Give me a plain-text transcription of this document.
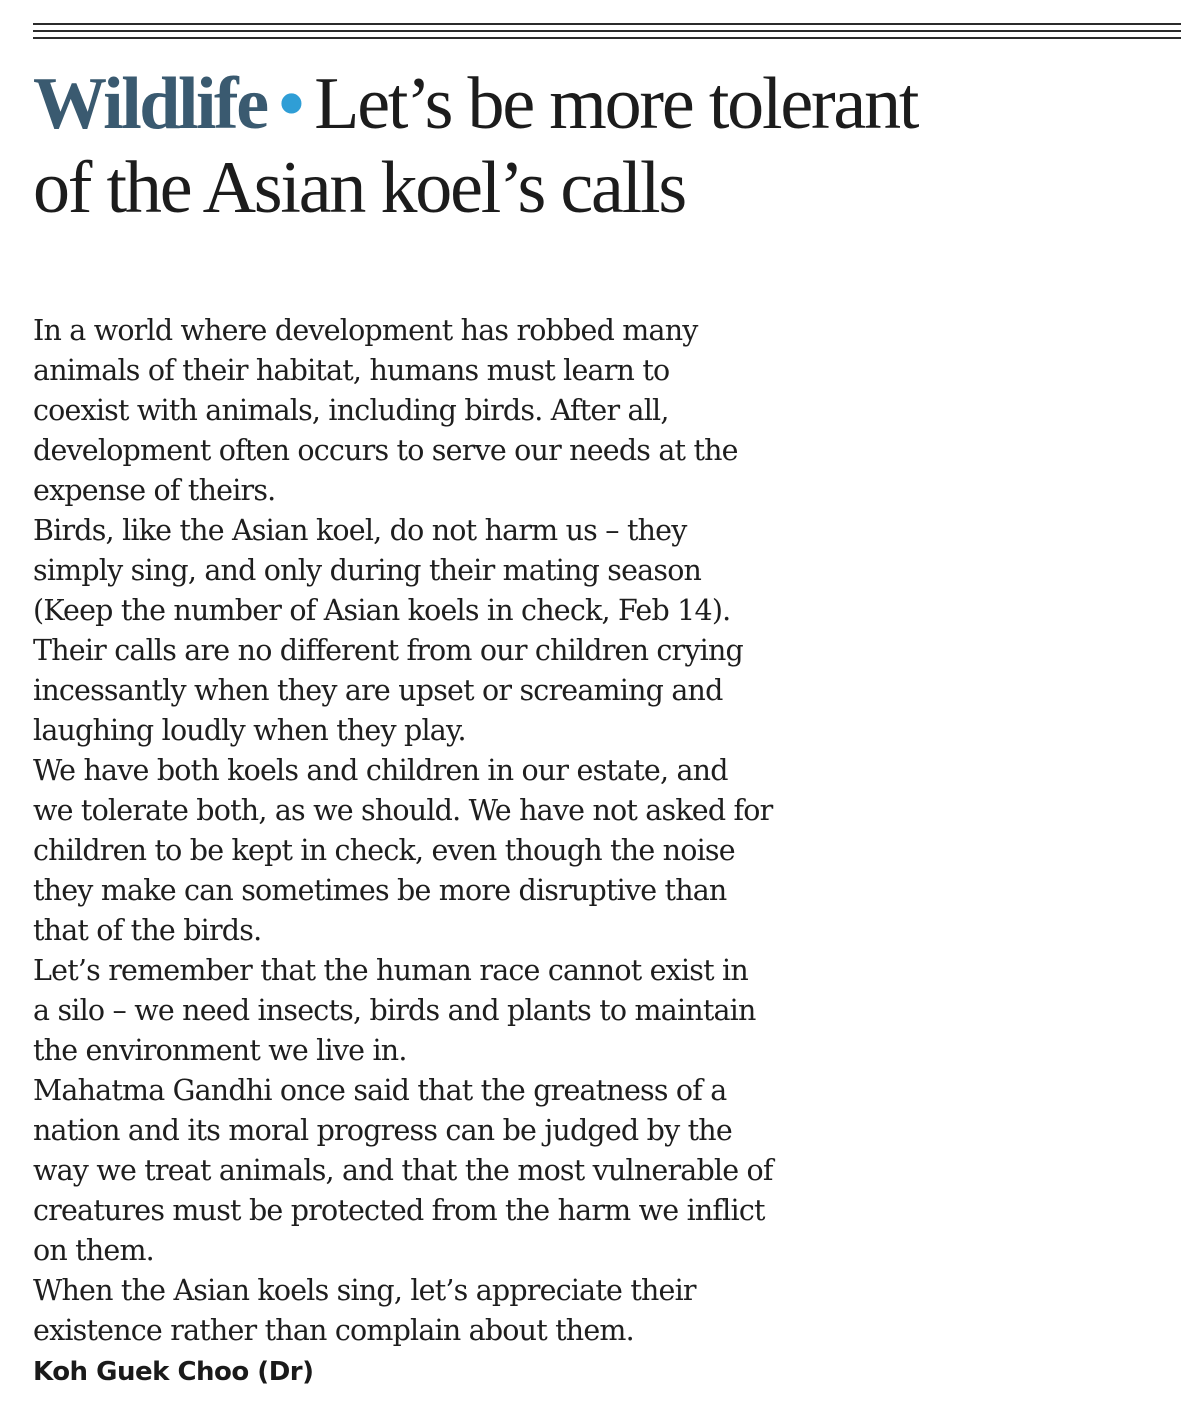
Wildlife • Let’s be more tolerant
of the Asian koel’s calls

In a world where development has robbed many
animals of their habitat, humans must learn to
coexist with animals, including birds. After all,
development often occurs to serve our needs at the
expense of theirs.

Birds, like the Asian koel, do not harm us – they
simply sing, and only during their mating season
(Keep the number of Asian koels in check, Feb 14).
Their calls are no different from our children crying
incessantly when they are upset or screaming and
laughing loudly when they play.

We have both koels and children in our estate, and
we tolerate both, as we should. We have not asked for
children to be kept in check, even though the noise
they make can sometimes be more disruptive than
that of the birds.

Let’s remember that the human race cannot exist in
a silo – we need insects, birds and plants to maintain
the environment we live in.

Mahatma Gandhi once said that the greatness of a
nation and its moral progress can be judged by the
way we treat animals, and that the most vulnerable of
creatures must be protected from the harm we inflict
on them.

When the Asian koels sing, let’s appreciate their
existence rather than complain about them.

Koh Guek Choo (Dr)
